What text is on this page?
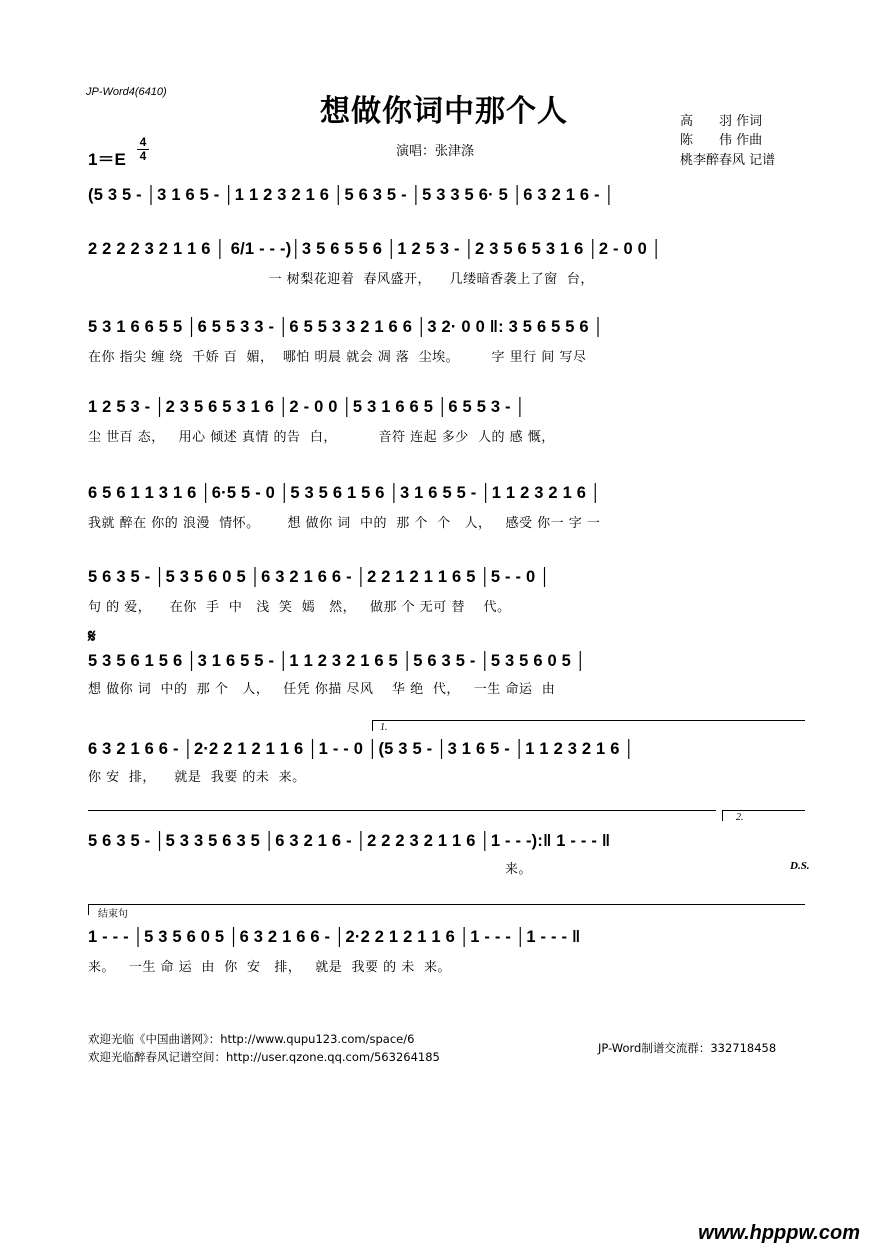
JP-Word4(6410)
想做你词中那个人	高　　羽 作词
陈　　伟 作曲
桃李醉春风 记谱
1＝E
4
4	演唱：张津涤
(5 3 5 - │3 1 6 5 - │1 1 2 3 2 1 6 │5 6 3 5 - │5 3 3 5 6· 5 │6 3 2 1 6 - │
2 2 2 2 3 2 1 1 6 │ 6/1 - - -)│3 5 6 5 5 6 │1 2 5 3 - │2 3 5 6 5 3 1 6 │2 - 0 0 │
一 树梨花迎着  春风盛开，    几缕暗香袭上了窗  台，
5 3 1 6 6 5 5 │6 5 5 3 3 - │6 5 5 3 3 2 1 6 6 │3 2· 0 0 ‖: 3 5 6 5 5 6 │
在你 指尖 缠 绕  千娇 百  媚，  哪怕 明晨 就会 凋 落  尘埃。       字 里行 间 写尽
1 2 5 3 - │2 3 5 6 5 3 1 6 │2 - 0 0 │5 3 1 6 6 5 │6 5 5 3 - │
尘 世百 态，   用心 倾述 真情 的告  白，         音符 连起 多少  人的 感 慨，
6 5 6 1 1 3 1 6 │6·5 5 - 0 │5 3 5 6 1 5 6 │3 1 6 5 5 - │1 1 2 3 2 1 6 │
我就 醉在 你的 浪漫  情怀。      想 做你 词  中的  那 个  个   人，   感受 你一 字 一
5 6 3 5 - │5 3 5 6 0 5 │6 3 2 1 6 6 - │2 2 1 2 1 1 6 5 │5 - - 0 │
句 的 爱，    在你  手  中   浅  笑  嫣   然，   做那 个 无可 替    代。
𝄋
5 3 5 6 1 5 6 │3 1 6 5 5 - │1 1 2 3 2 1 6 5 │5 6 3 5 - │5 3 5 6 0 5 │
想 做你 词  中的  那 个   人，   任凭 你描 尽风    华 绝  代，   一生 命运  由
1.
6 3 2 1 6 6 - │2·2 2 1 2 1 1 6 │1 - - 0 │(5 3 5 - │3 1 6 5 - │1 1 2 3 2 1 6 │
你 安  排，    就是  我要 的未  来。
2.
5 6 3 5 - │5 3 3 5 6 3 5 │6 3 2 1 6 - │2 2 2 3 2 1 1 6 │1 - - -):‖ 1 - - - ‖
来。	D.S.
结束句
1 - - - │5 3 5 6 0 5 │6 3 2 1 6 6 - │2·2 2 1 2 1 1 6 │1 - - - │1 - - - ‖
来。   一生 命 运  由  你  安   排，   就是  我要 的 未  来。
欢迎光临《中国曲谱网》：http://www.qupu123.com/space/6
欢迎光临醉春风记谱空间：http://user.qzone.qq.com/563264185
JP-Word制谱交流群：332718458
www.hpppw.com
